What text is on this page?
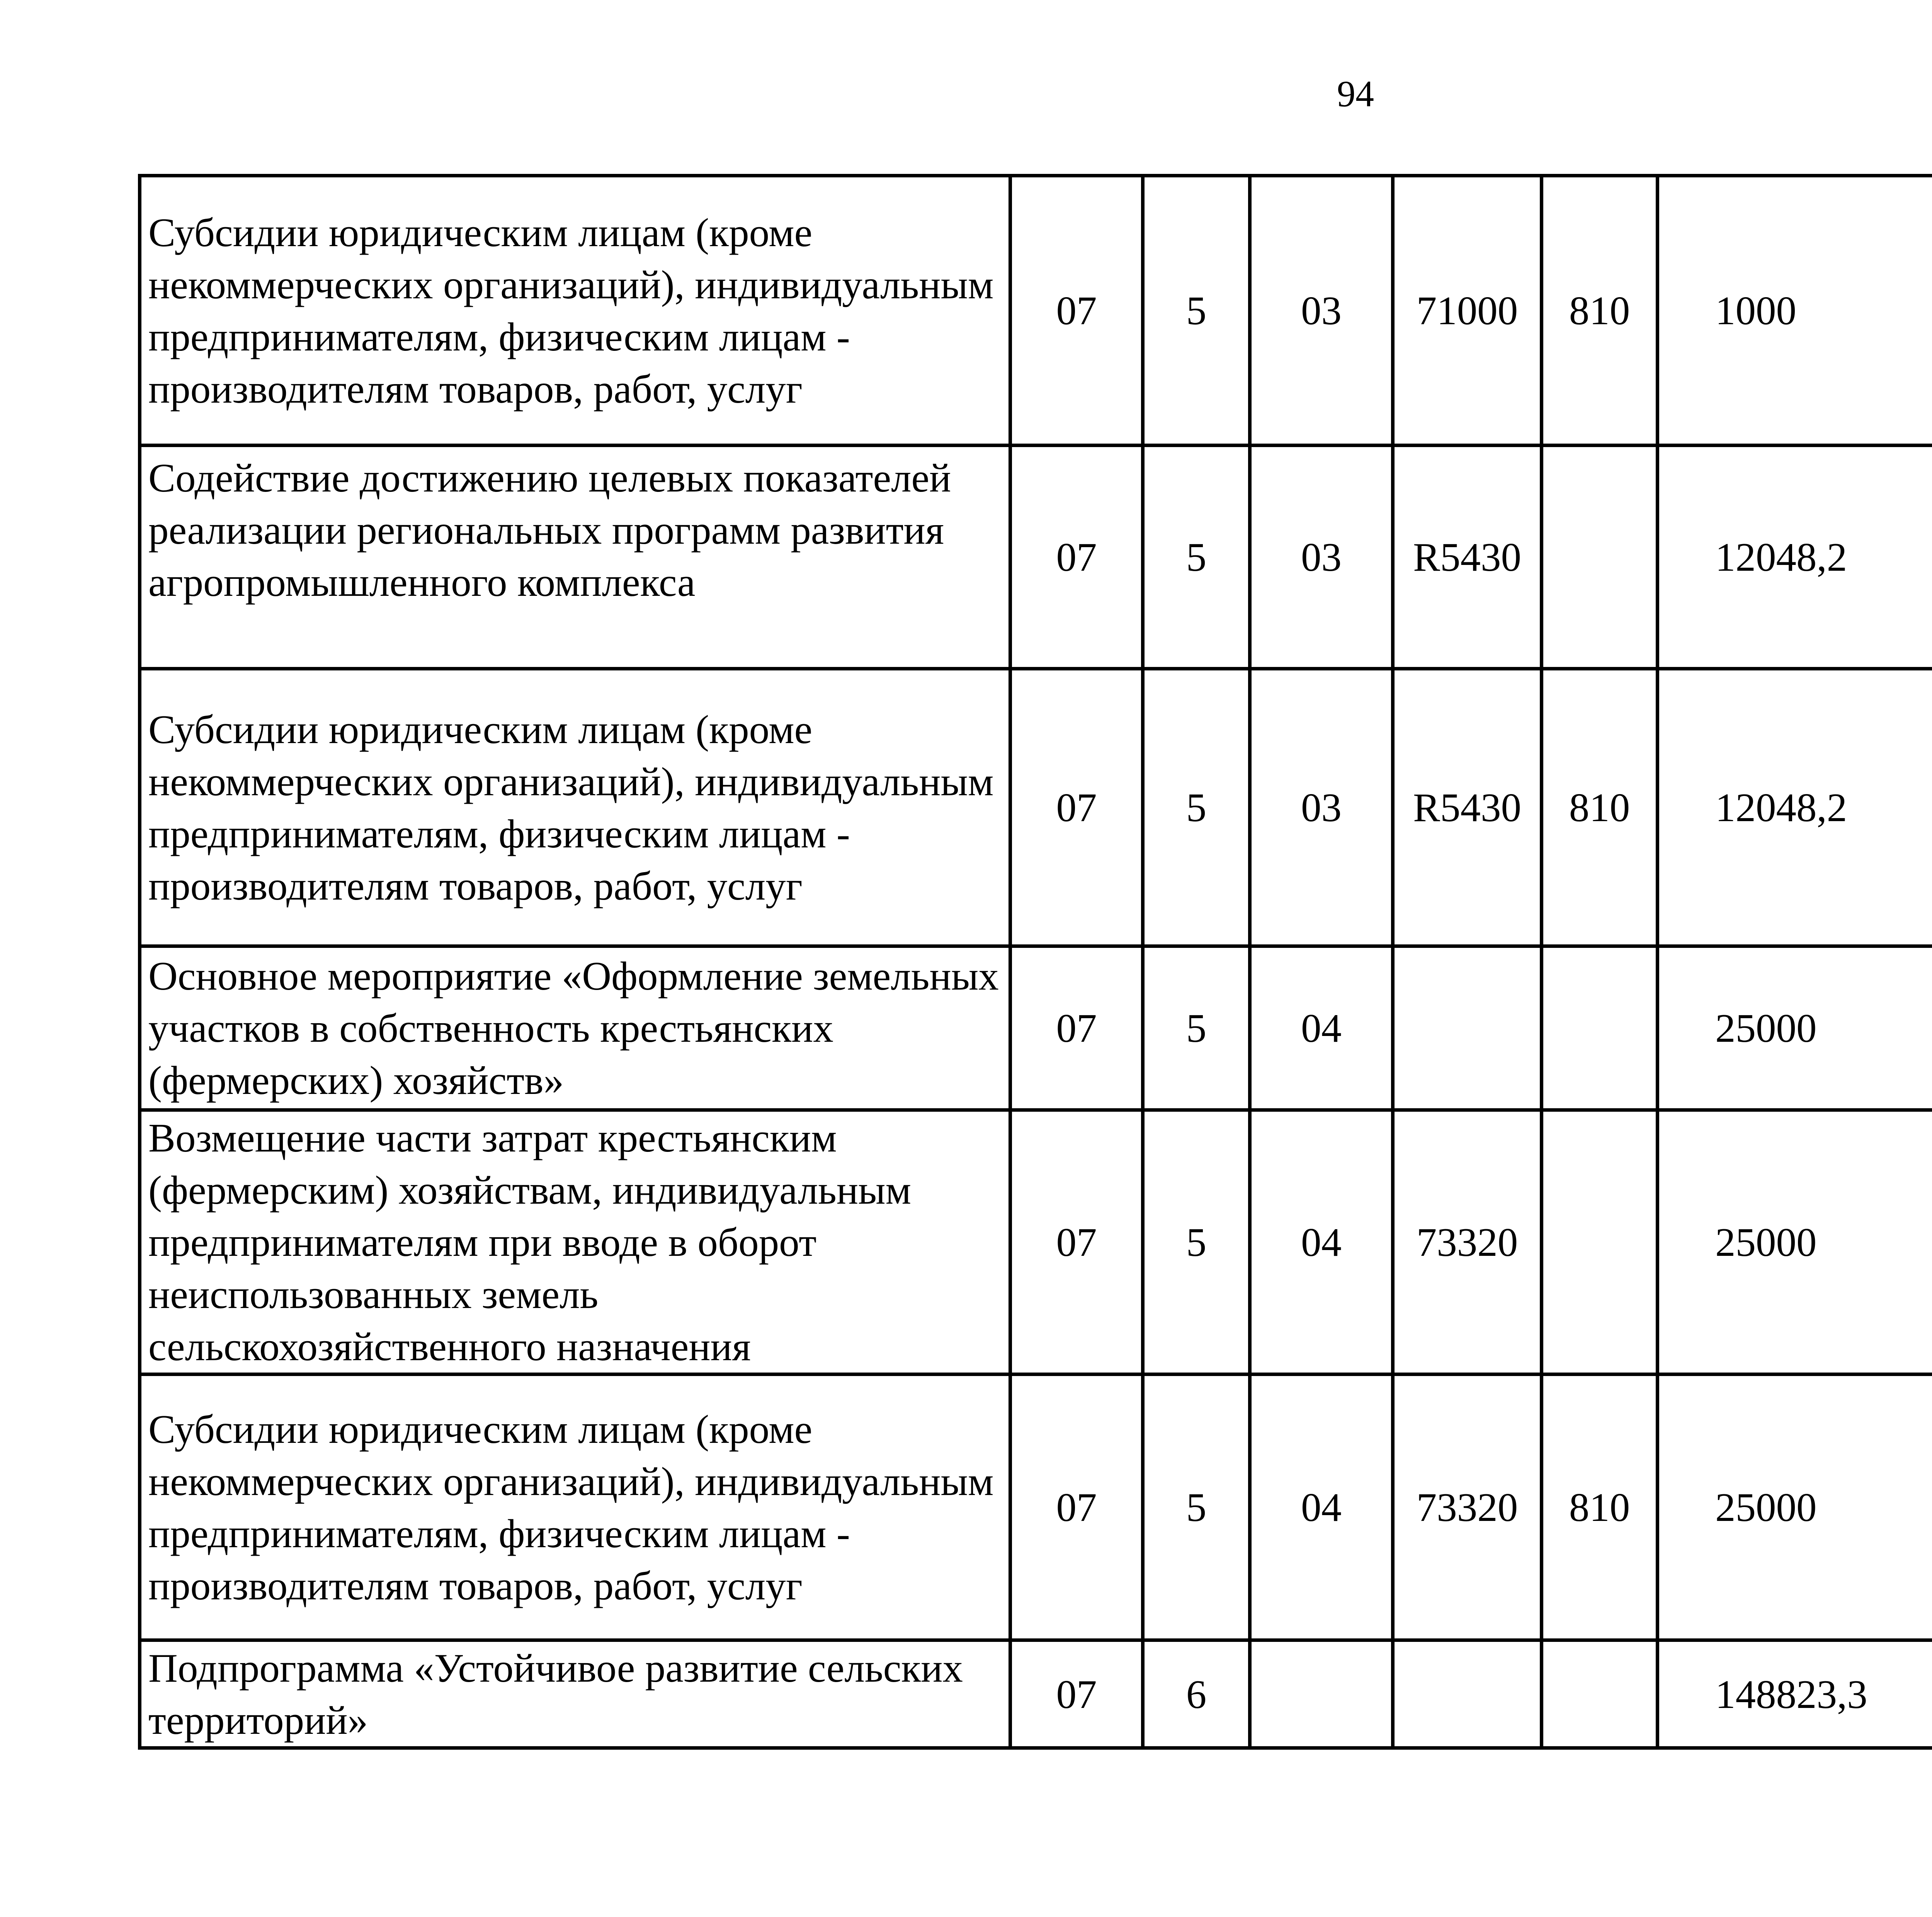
94
Субсидии юридическим лицам (кроме некоммерческих организаций), индивидуальным предпринимателям, физическим лицам - производителям товаров, работ, услуг	07	5	03	71000	810	1000		
Содействие достижению целевых показателей реализации региональных программ развития агропромышленного комплекса	07	5	03	R5430		12048,2		
Субсидии юридическим лицам (кроме некоммерческих организаций), индивидуальным предпринимателям, физическим лицам - производителям товаров, работ, услуг	07	5	03	R5430	810	12048,2		
Основное мероприятие «Оформление земельных участков в собственность крестьянских (фермерских) хозяйств»	07	5	04			25000		
Возмещение части затрат крестьянским (фермерским) хозяйствам, индивидуальным предпринимателям при вводе в оборот неиспользованных земель сельскохозяйственного назначения	07	5	04	73320		25000		
Субсидии юридическим лицам (кроме некоммерческих организаций), индивидуальным предпринимателям, физическим лицам - производителям товаров, работ, услуг	07	5	04	73320	810	25000		
Подпрограмма «Устойчивое развитие сельских территорий»	07	6				148823,3		
